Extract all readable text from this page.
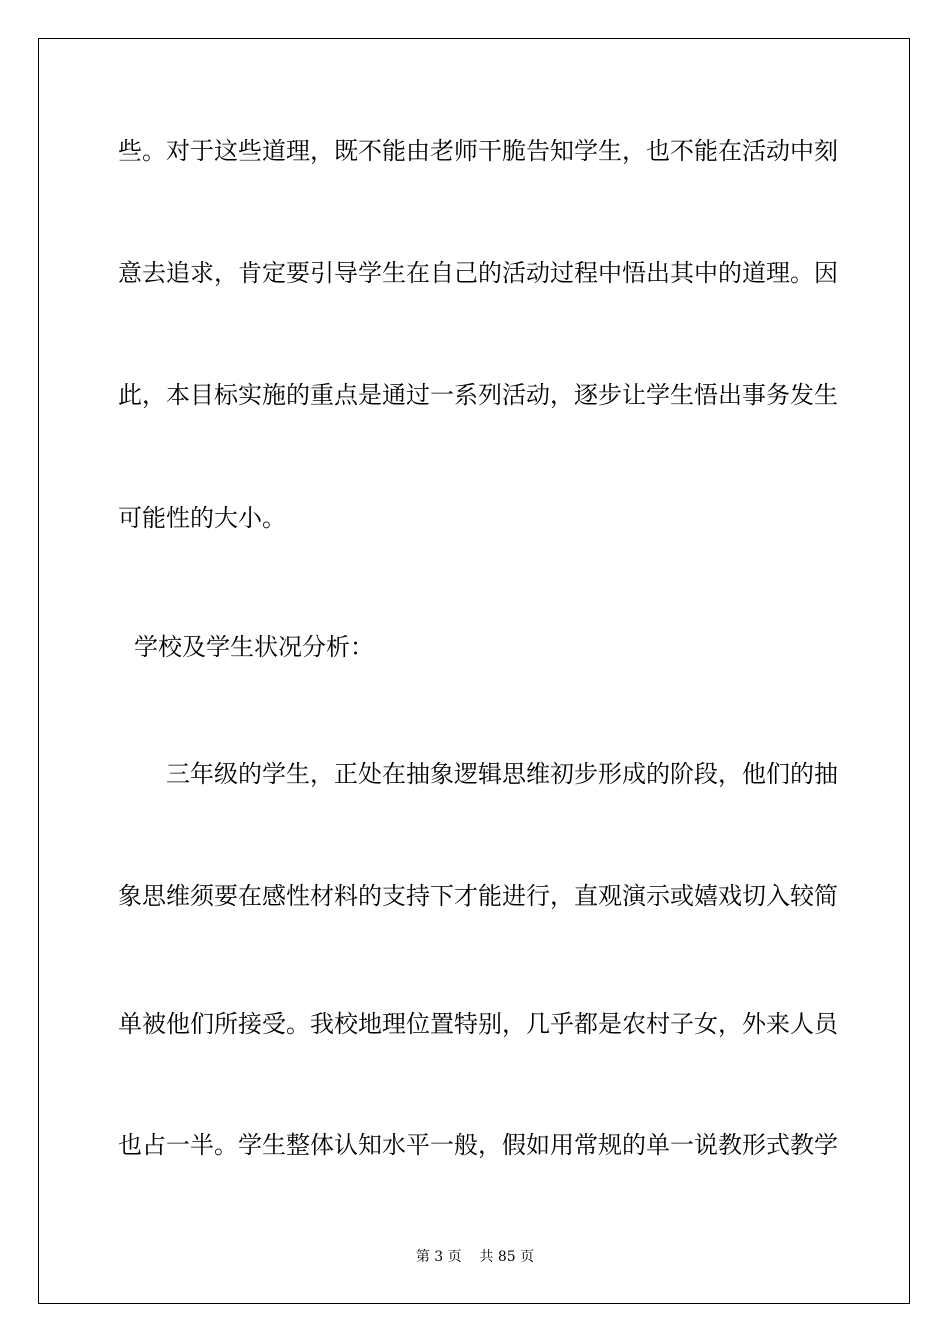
些。对于这些道理，既不能由老师干脆告知学生，也不能在活动中刻
意去追求，肯定要引导学生在自己的活动过程中悟出其中的道理。因
此，本目标实施的重点是通过一系列活动，逐步让学生悟出事务发生
可能性的大小。
学校及学生状况分析：
三年级的学生，正处在抽象逻辑思维初步形成的阶段，他们的抽
象思维须要在感性材料的支持下才能进行，直观演示或嬉戏切入较简
单被他们所接受。我校地理位置特别，几乎都是农村子女，外来人员
也占一半。学生整体认知水平一般，假如用常规的单一说教形式教学
第 3 页    共 85 页
